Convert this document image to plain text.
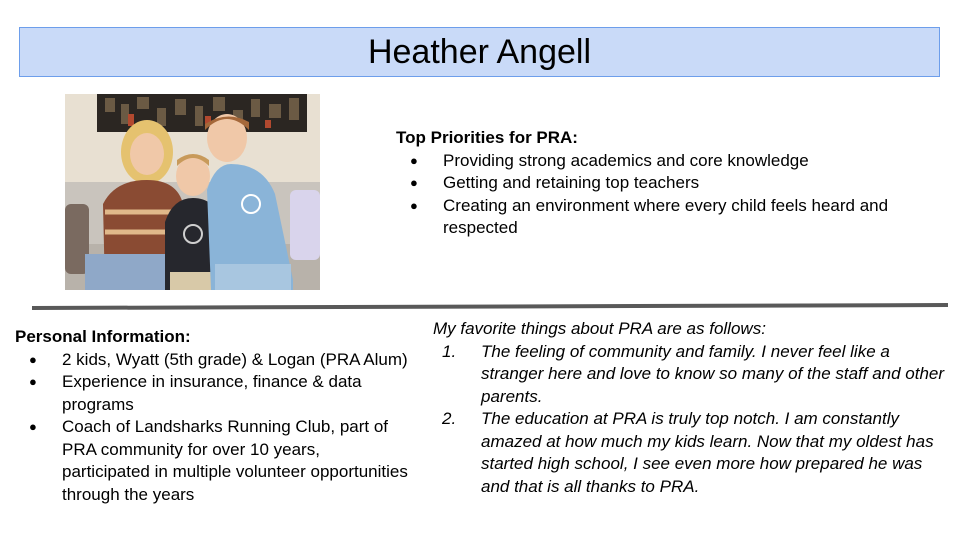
Heather Angell
Top Priorities for PRA:
● Providing strong academics and core knowledge
● Getting and retaining top teachers
● Creating an environment where every child feels heard and respected
Personal Information:
● 2 kids, Wyatt (5th grade) & Logan (PRA Alum)
● Experience in insurance, finance & data programs
● Coach of Landsharks Running Club, part of PRA community for over 10 years, participated in multiple volunteer opportunities through the years

My favorite things about PRA are as follows:

1. The feeling of community and family. I never feel like a stranger here and love to know so many of the staff and other parents.
2. The education at PRA is truly top notch. I am constantly amazed at how much my kids learn. Now that my oldest has started high school, I see even more how prepared he was and that is all thanks to PRA.
